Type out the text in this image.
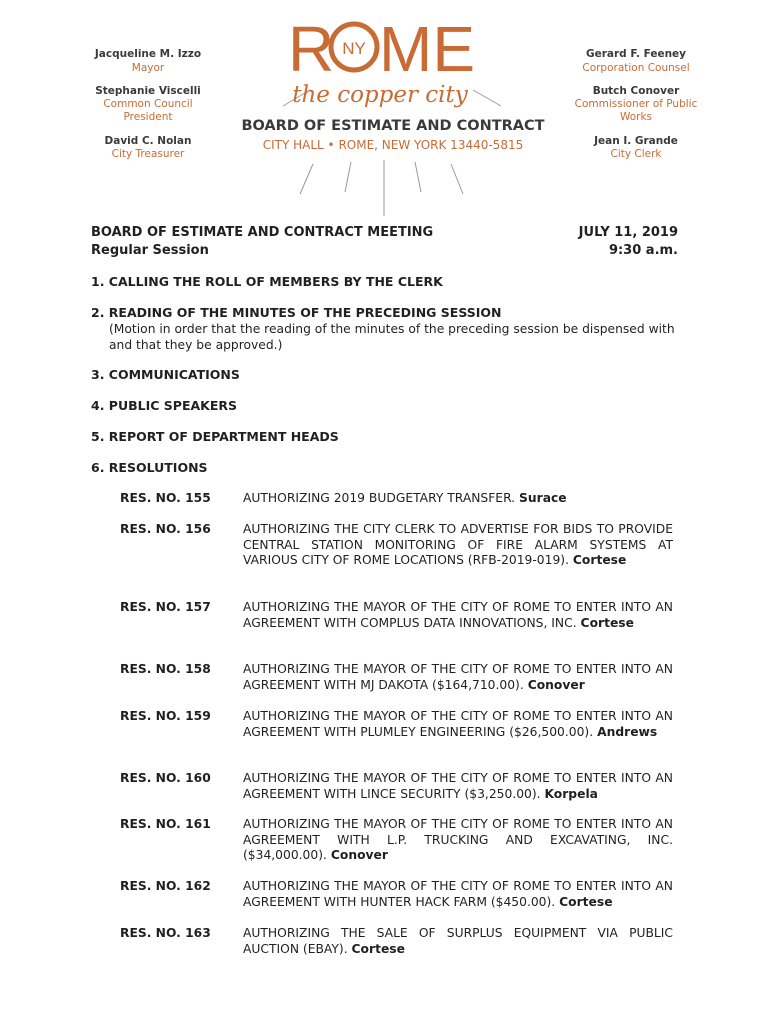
Jacqueline M. Izzo
Mayor
Stephanie Viscelli
Common Council President
David C. Nolan
City Treasurer
Gerard F. Feeney
Corporation Counsel
Butch Conover
Commissioner of Public Works
Jean I. Grande
City Clerk
R NY ME
the copper city
BOARD OF ESTIMATE AND CONTRACT
CITY HALL • ROME, NEW YORK 13440-5815
BOARD OF ESTIMATE AND CONTRACT MEETING
Regular Session
JULY 11, 2019
9:30 a.m.
1. CALLING THE ROLL OF MEMBERS BY THE CLERK
2. READING OF THE MINUTES OF THE PRECEDING SESSION
(Motion in order that the reading of the minutes of the preceding session be dispensed with and that they be approved.)
3. COMMUNICATIONS
4. PUBLIC SPEAKERS
5. REPORT OF DEPARTMENT HEADS
6. RESOLUTIONS
RES. NO. 155	AUTHORIZING 2019 BUDGETARY TRANSFER. Surace
RES. NO. 156	AUTHORIZING THE CITY CLERK TO ADVERTISE FOR BIDS TO PROVIDE CENTRAL STATION MONITORING OF FIRE ALARM SYSTEMS AT VARIOUS CITY OF ROME LOCATIONS (RFB-2019-019). Cortese
RES. NO. 157	AUTHORIZING THE MAYOR OF THE CITY OF ROME TO ENTER INTO AN AGREEMENT WITH COMPLUS DATA INNOVATIONS, INC. Cortese
RES. NO. 158	AUTHORIZING THE MAYOR OF THE CITY OF ROME TO ENTER INTO AN AGREEMENT WITH MJ DAKOTA ($164,710.00). Conover
RES. NO. 159	AUTHORIZING THE MAYOR OF THE CITY OF ROME TO ENTER INTO AN AGREEMENT WITH PLUMLEY ENGINEERING ($26,500.00). Andrews
RES. NO. 160	AUTHORIZING THE MAYOR OF THE CITY OF ROME TO ENTER INTO AN AGREEMENT WITH LINCE SECURITY ($3,250.00). Korpela
RES. NO. 161	AUTHORIZING THE MAYOR OF THE CITY OF ROME TO ENTER INTO AN AGREEMENT WITH L.P. TRUCKING AND EXCAVATING, INC. ($34,000.00). Conover
RES. NO. 162	AUTHORIZING THE MAYOR OF THE CITY OF ROME TO ENTER INTO AN AGREEMENT WITH HUNTER HACK FARM ($450.00). Cortese
RES. NO. 163	AUTHORIZING THE SALE OF SURPLUS EQUIPMENT VIA PUBLIC AUCTION (EBAY). Cortese
